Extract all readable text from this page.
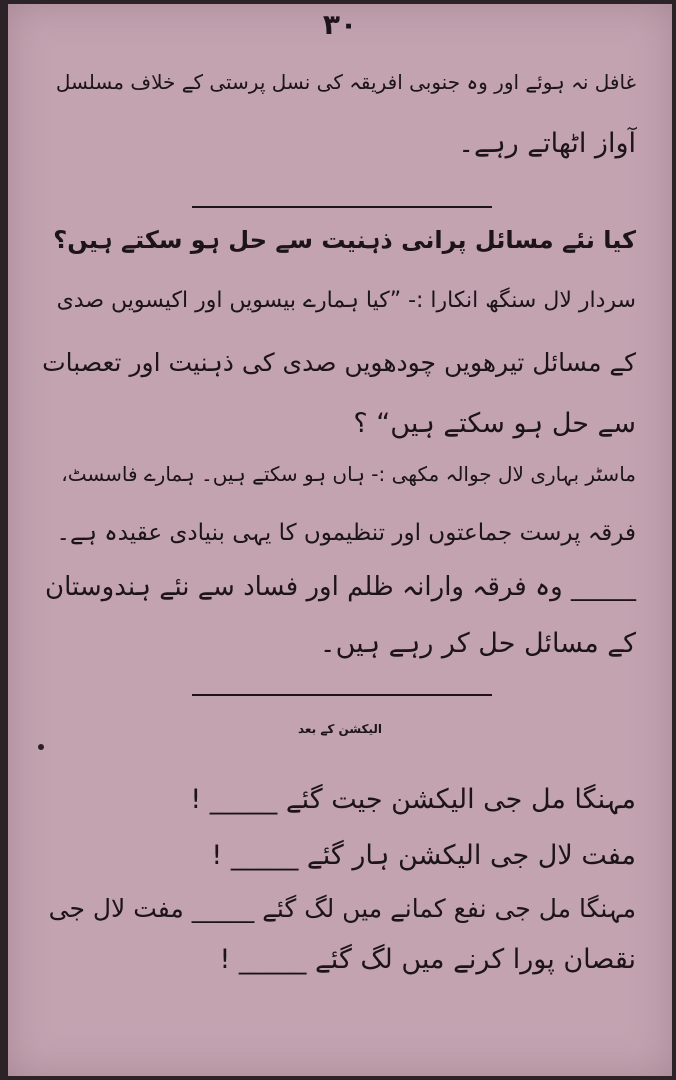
۳۰
غافل نہ ہوئے اور وہ جنوبی افریقہ کی نسل پرستی کے خلاف مسلسل
آواز اٹھاتے رہے۔
کیا نئے مسائل پرانی ذہنیت سے حل ہو سکتے ہیں؟
سردار لال سنگھ انکارا :- ”کیا ہمارے بیسویں اور اکیسویں صدی
کے مسائل تیرھویں چودھویں صدی کی ذہنیت اور تعصبات
سے حل ہو سکتے ہیں“ ؟
ماسٹر بہاری لال جوالہ مکھی :- ہاں ہو سکتے ہیں۔ ہمارے فاسسٹ،
فرقہ پرست جماعتوں اور تنظیموں کا یہی بنیادی عقیدہ ہے۔
_____ وہ فرقہ وارانہ ظلم اور فساد سے نئے ہندوستان
کے مسائل حل کر رہے ہیں۔
الیکشن کے بعد
مہنگا مل جی الیکشن جیت گئے _____ !
مفت لال جی الیکشن ہار گئے _____ !
مہنگا مل جی نفع کمانے میں لگ گئے _____ مفت لال جی
نقصان پورا کرنے میں لگ گئے _____ !
